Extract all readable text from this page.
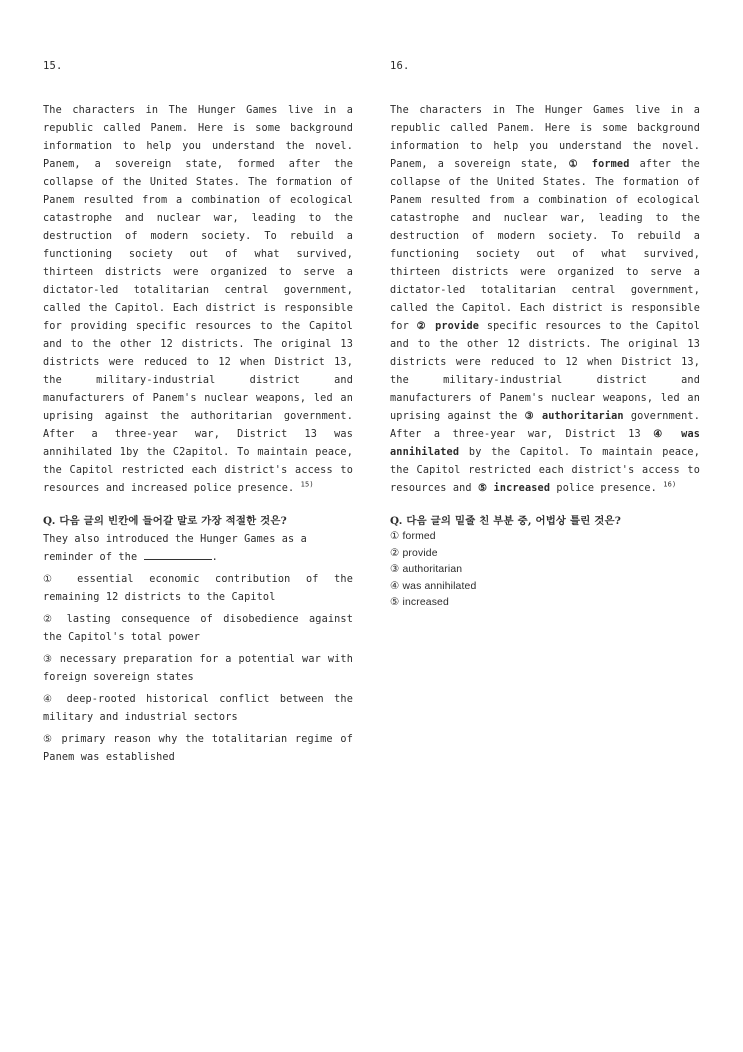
15.
The characters in The Hunger Games live in a republic called Panem. Here is some background information to help you understand the novel. Panem, a sovereign state, formed after the collapse of the United States. The formation of Panem resulted from a combination of ecological catastrophe and nuclear war, leading to the destruction of modern society. To rebuild a functioning society out of what survived, thirteen districts were organized to serve a dictator-led totalitarian central government, called the Capitol. Each district is responsible for providing specific resources to the Capitol and to the other 12 districts. The original 13 districts were reduced to 12 when District 13, the military-industrial district and manufacturers of Panem's nuclear weapons, led an uprising against the authoritarian government. After a three-year war, District 13 was annihilated 1by the C2apitol. To maintain peace, the Capitol restricted each district's access to resources and increased police presence. $^{15)}$
Q. 다음 글의 빈칸에 들어갈 말로 가장 적절한 것은?
They also introduced the Hunger Games as a reminder of the	.
① essential economic contribution of the remaining 12 districts to the Capitol
② lasting consequence of disobedience against the Capitol's total power
③ necessary preparation for a potential war with foreign sovereign states
④ deep-rooted historical conflict between the military and industrial sectors
⑤ primary reason why the totalitarian regime of Panem was established
16.
The characters in The Hunger Games live in a republic called Panem. Here is some background information to help you understand the novel. Panem, a sovereign state, ① formed after the collapse of the United States. The formation of Panem resulted from a combination of ecological catastrophe and nuclear war, leading to the destruction of modern society. To rebuild a functioning society out of what survived, thirteen districts were organized to serve a dictator-led totalitarian central government, called the Capitol. Each district is responsible for ② provide specific resources to the Capitol and to the other 12 districts. The original 13 districts were reduced to 12 when District 13, the military-industrial district and manufacturers of Panem's nuclear weapons, led an uprising against the ③ authoritarian government. After a three-year war, District 13 ④ was annihilated by the Capitol. To maintain peace, the Capitol restricted each district's access to resources and ⑤ increased police presence. $^{16)}$
Q. 다음 글의 밑줄 친 부분 중, 어법상 틀린 것은?
① formed
② provide
③ authoritarian
④ was annihilated
⑤ increased
